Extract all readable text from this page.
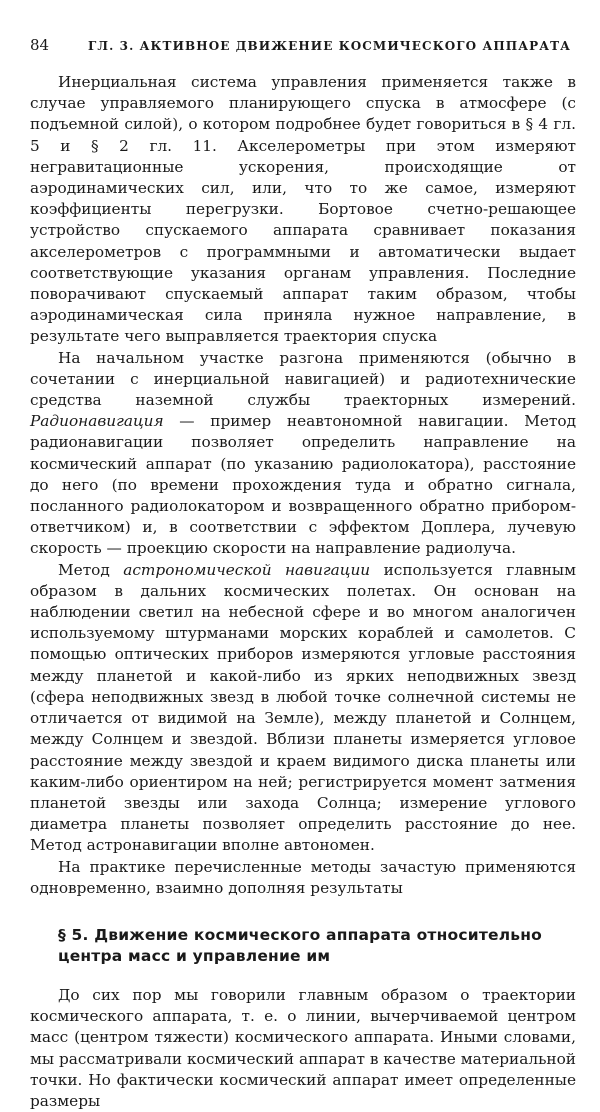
84	ГЛ. 3. АКТИВНОЕ ДВИЖЕНИЕ КОСМИЧЕСКОГО АППАРАТА

Инерциальная система управления применяется также в случае управляемого планирующего спуска в атмосфере (с подъемной силой), о котором подробнее будет говориться в § 4 гл. 5 и § 2 гл. 11. Акселерометры при этом измеряют негравитационные ускорения, происходящие от аэродинамических сил, или, что то же самое, измеряют коэффициенты перегрузки. Бортовое счетно-решающее устройство спускаемого аппарата сравнивает показания акселерометров с программными и автоматически выдает соответствующие указания органам управления. Последние поворачивают спускаемый аппарат таким образом, чтобы аэродинамическая сила приняла нужное направление, в результате чего выправляется траектория спуска

На начальном участке разгона применяются (обычно в сочетании с инерциальной навигацией) и радиотехнические средства наземной службы траекторных измерений. Радионавигация — пример неавтономной навигации. Метод радионавигации позволяет определить направление на космический аппарат (по указанию радиолокатора), расстояние до него (по времени прохождения туда и обратно сигнала, посланного радиолокатором и возвращенного обратно прибором-ответчиком) и, в соответствии с эффектом Доплера, лучевую скорость — проекцию скорости на направление радиолуча.

Метод астрономической навигации используется главным образом в дальних космических полетах. Он основан на наблюдении светил на небесной сфере и во многом аналогичен используемому штурманами морских кораблей и самолетов. С помощью оптических приборов измеряются угловые расстояния между планетой и какой-либо из ярких неподвижных звезд (сфера неподвижных звезд в любой точке солнечной системы не отличается от видимой на Земле), между планетой и Солнцем, между Солнцем и звездой. Вблизи планеты измеряется угловое расстояние между звездой и краем видимого диска планеты или каким-либо ориентиром на ней; регистрируется момент затмения планетой звезды или захода Солнца; измерение углового диаметра планеты позволяет определить расстояние до нее. Метод астронавигации вполне автономен.

На практике перечисленные методы зачастую применяются одновременно, взаимно дополняя результаты

§ 5. Движение космического аппарата относительно центра масс и управление им

До сих пор мы говорили главным образом о траектории космического аппарата, т. е. о линии, вычерчиваемой центром масс (центром тяжести) космического аппарата. Иными словами, мы рассматривали космический аппарат в качестве материальной точки. Но фактически космический аппарат имеет определенные размеры
